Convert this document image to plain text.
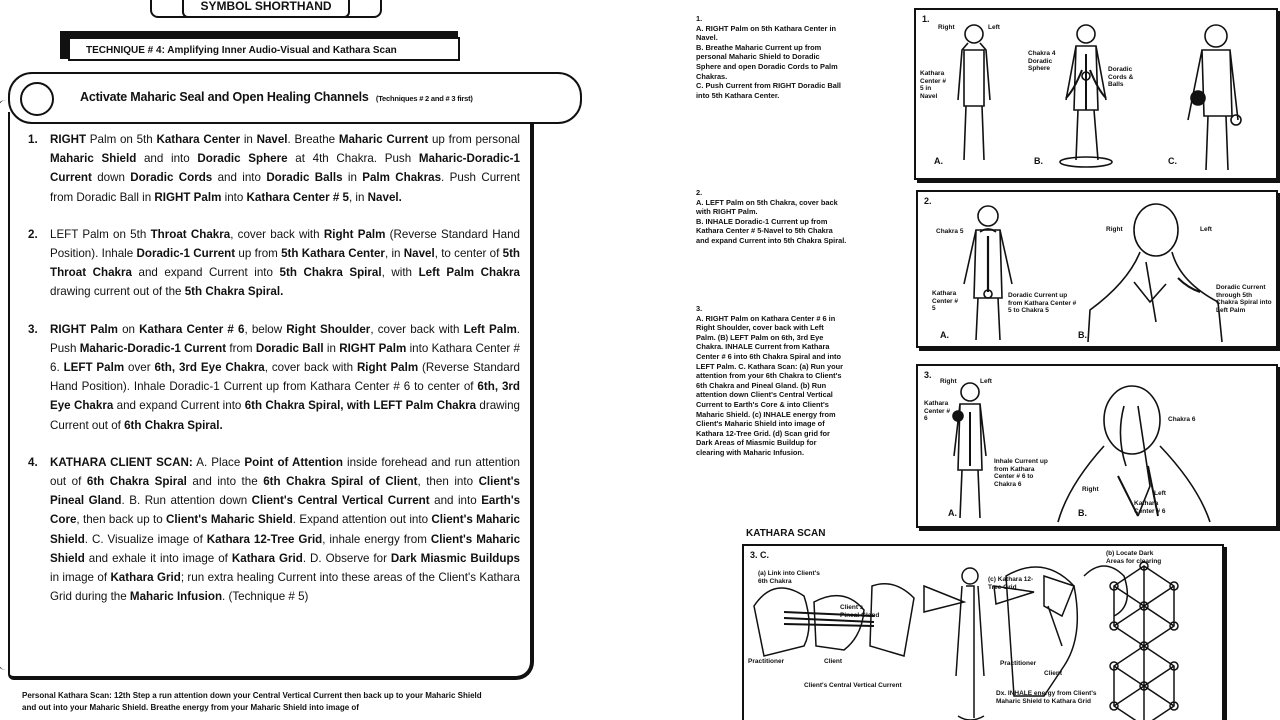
SYMBOL SHORTHAND
TECHNIQUE # 4: Amplifying Inner Audio-Visual and Kathara Scan
Activate Maharic Seal and Open Healing Channels (Techniques # 2 and # 3 first)
1.	RIGHT Palm on 5th Kathara Center in Navel. Breathe Maharic Current up from personal Maharic Shield and into Doradic Sphere at 4th Chakra. Push Maharic-Doradic-1 Current down Doradic Cords and into Doradic Balls in Palm Chakras. Push Current from Doradic Ball in RIGHT Palm into Kathara Center # 5, in Navel.
2.	LEFT Palm on 5th Throat Chakra, cover back with Right Palm (Reverse Standard Hand Position). Inhale Doradic-1 Current up from 5th Kathara Center, in Navel, to center of 5th Throat Chakra and expand Current into 5th Chakra Spiral, with Left Palm Chakra drawing current out of the 5th Chakra Spiral.
3.	RIGHT Palm on Kathara Center # 6, below Right Shoulder, cover back with Left Palm. Push Maharic-Doradic-1 Current from Doradic Ball in RIGHT Palm into Kathara Center # 6. LEFT Palm over 6th, 3rd Eye Chakra, cover back with Right Palm (Reverse Standard Hand Position). Inhale Doradic-1 Current up from Kathara Center # 6 to center of 6th, 3rd Eye Chakra and expand Current into 6th Chakra Spiral, with LEFT Palm Chakra drawing Current out of 6th Chakra Spiral.
4.	KATHARA CLIENT SCAN: A. Place Point of Attention inside forehead and run attention out of 6th Chakra Spiral and into the 6th Chakra Spiral of Client, then into Client's Pineal Gland. B. Run attention down Client's Central Vertical Current and into Earth's Core, then back up to Client's Maharic Shield. Expand attention out into Client's Maharic Shield. C. Visualize image of Kathara 12-Tree Grid, inhale energy from Client's Maharic Shield and exhale it into image of Kathara Grid. D. Observe for Dark Miasmic Buildups in image of Kathara Grid; run extra healing Current into these areas of the Client's Kathara Grid during the Maharic Infusion. (Technique # 5)
Personal Kathara Scan: 12th Step a run attention down your Central Vertical Current then back up to your Maharic Shield and out into your Maharic Shield. Breathe energy from your Maharic Shield into image of
1.
A. RIGHT Palm on 5th Kathara Center in
Navel.
B. Breathe Maharic Current up from
personal Maharic Shield to Doradic
Sphere and open Doradic Cords to Palm
Chakras.
C. Push Current from RIGHT Doradic Ball
into 5th Kathara Center.
2.
A. LEFT Palm on 5th Chakra, cover back
with RIGHT Palm.
B. INHALE Doradic-1 Current up from
Kathara Center # 5-Navel to 5th Chakra
and expand Current into 5th Chakra Spiral.
3.
A. RIGHT Palm on Kathara Center # 6 in
Right Shoulder, cover back with Left
Palm. (B) LEFT Palm on 6th, 3rd Eye
Chakra. INHALE Current from Kathara
Center # 6 into 6th Chakra Spiral and into
LEFT Palm. C. Kathara Scan: (a) Run your
attention from your 6th Chakra to Client's
6th Chakra and Pineal Gland. (b) Run
attention down Client's Central Vertical
Current to Earth's Core & into Client's
Maharic Shield. (c) INHALE energy from
Client's Maharic Shield into image of
Kathara 12-Tree Grid. (d) Scan grid for
Dark Areas of Miasmic Buildup for
clearing with Maharic Infusion.
1.
Right	Left
Kathara Center # 5 in Navel
Chakra 4 Doradic Sphere	Doradic Cords & Balls
A.	B.	C.
2.
Chakra 5	Right	Left
Kathara Center # 5
Doradic Current up from Kathara Center # 5 to Chakra 5
Doradic Current through 5th Chakra Spiral into Left Palm
A.	B.
3.
Right	Left
Kathara Center # 6	Chakra 6
Inhale Current up from Kathara Center # 6 to Chakra 6
Right
Left
Kathara Center # 6
A.	B.
KATHARA SCAN
3. C.
(a) Link into Client's 6th Chakra
Client's Pineal Gland
Practitioner	Client
Client's Central Vertical Current
(c) Kathara 12-Tree Grid
Practitioner
(b) Locate Dark Areas for clearing
Client
Dx. INHALE energy from Client's Maharic Shield to Kathara Grid
